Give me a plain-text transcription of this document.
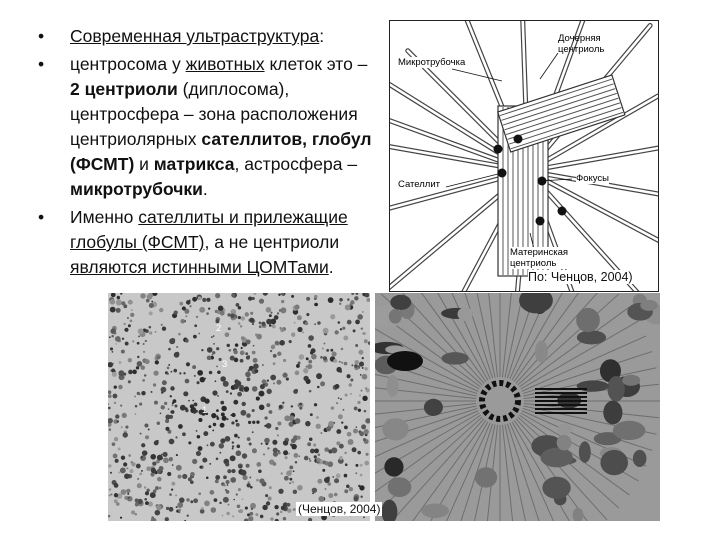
•	Современная ультраструктура:
•	центросома у животных клеток это – 2 центриоли (диплосома), центросфера – зона расположения центриолярных сателлитов, глобул (ФСМТ) и матрикса, астросфера – микротрубочки.
•	Именно сателлиты и прилежащие глобулы (ФСМТ), а не центриоли являются истинными ЦОМТами.
Микротрубочка
Дочерняя центриоль
Сателлит
Фокусы
Материнская центриоль
По: Ченцов, 2004)
2
3
1
(Ченцов, 2004)
